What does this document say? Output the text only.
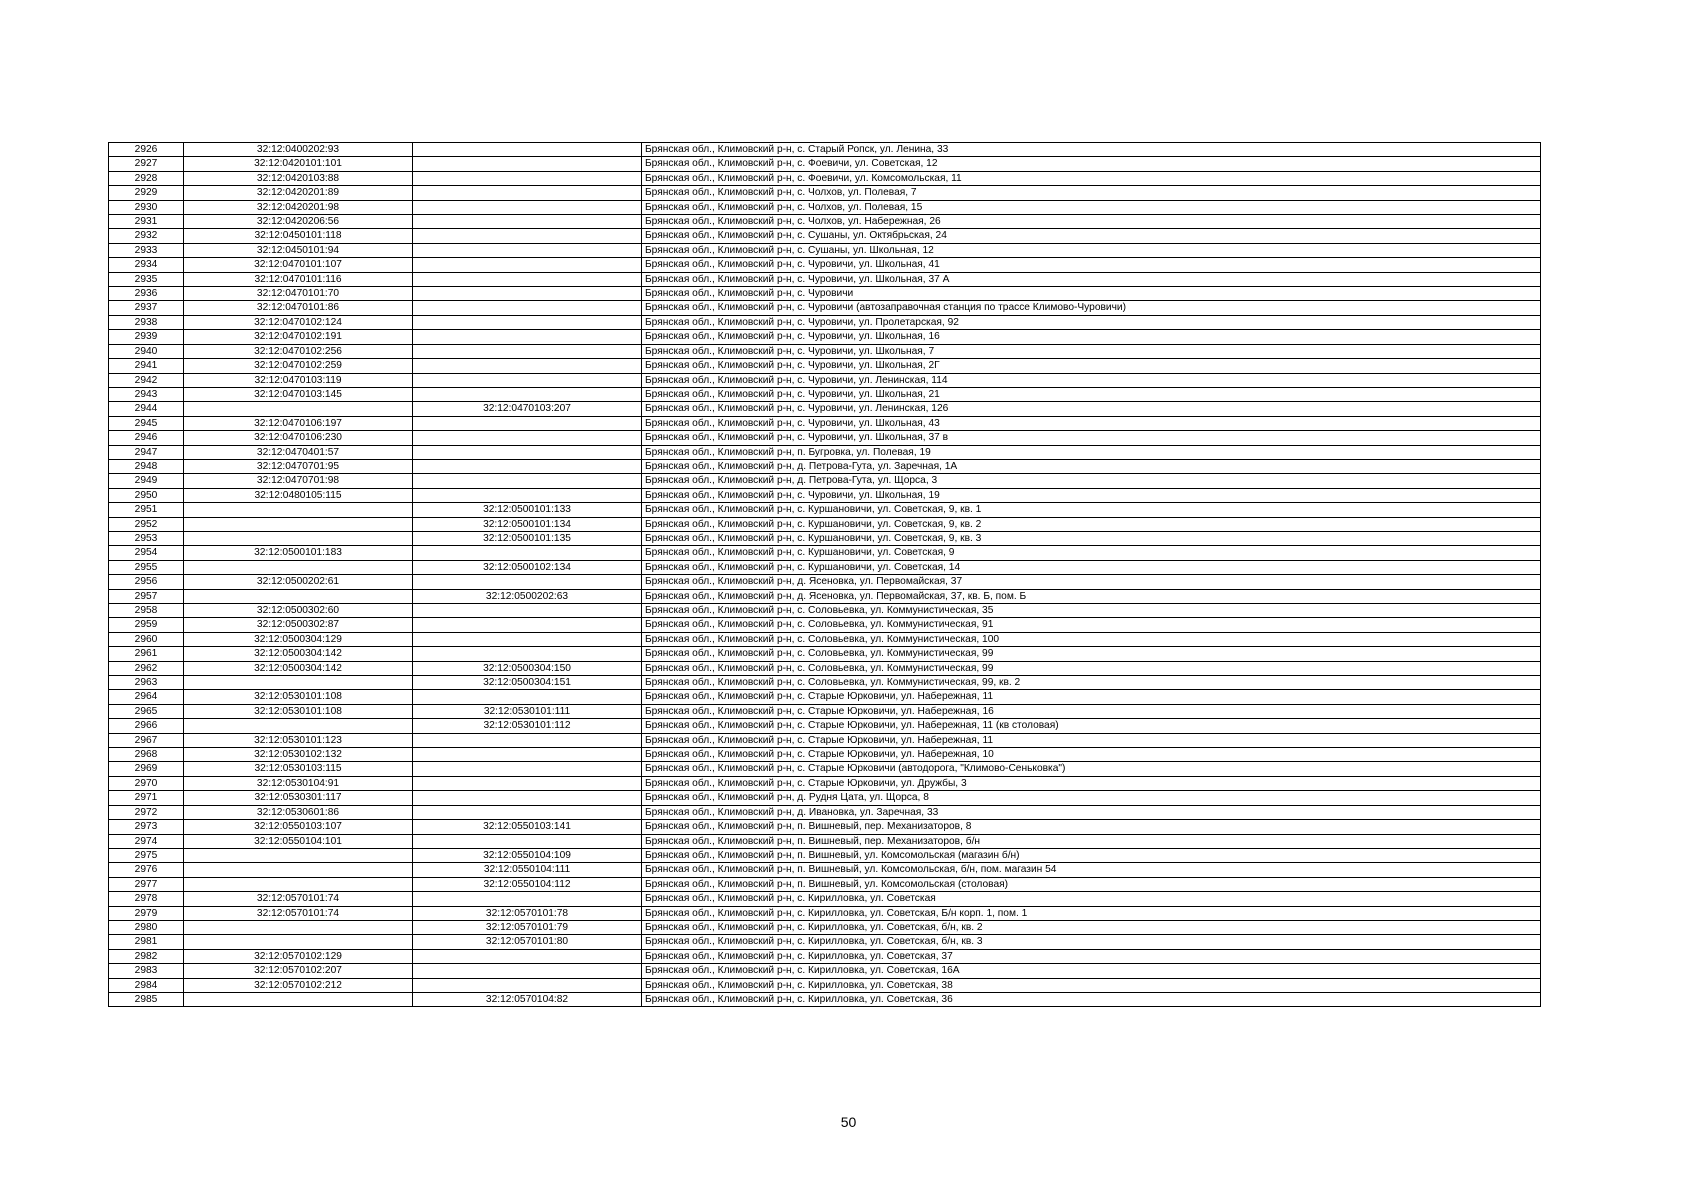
2926	32:12:0400202:93		Брянская обл., Климовский р-н, с. Старый Ропск, ул. Ленина, 33
2927	32:12:0420101:101		Брянская обл., Климовский р-н, с. Фоевичи, ул. Советская, 12
2928	32:12:0420103:88		Брянская обл., Климовский р-н, с. Фоевичи, ул. Комсомольская, 11
2929	32:12:0420201:89		Брянская обл., Климовский р-н, с. Чолхов, ул. Полевая, 7
2930	32:12:0420201:98		Брянская обл., Климовский р-н, с. Чолхов, ул. Полевая, 15
2931	32:12:0420206:56		Брянская обл., Климовский р-н, с. Чолхов, ул. Набережная, 26
2932	32:12:0450101:118		Брянская обл., Климовский р-н, с. Сушаны, ул. Октябрьская, 24
2933	32:12:0450101:94		Брянская обл., Климовский р-н, с. Сушаны, ул. Школьная, 12
2934	32:12:0470101:107		Брянская обл., Климовский р-н, с. Чуровичи, ул. Школьная, 41
2935	32:12:0470101:116		Брянская обл., Климовский р-н, с. Чуровичи, ул. Школьная, 37 А
2936	32:12:0470101:70		Брянская обл., Климовский р-н, с. Чуровичи
2937	32:12:0470101:86		Брянская обл., Климовский р-н, с. Чуровичи (автозаправочная станция по трассе Климово-Чуровичи)
2938	32:12:0470102:124		Брянская обл., Климовский р-н, с. Чуровичи, ул. Пролетарская, 92
2939	32:12:0470102:191		Брянская обл., Климовский р-н, с. Чуровичи, ул. Школьная, 16
2940	32:12:0470102:256		Брянская обл., Климовский р-н, с. Чуровичи, ул. Школьная, 7
2941	32:12:0470102:259		Брянская обл., Климовский р-н, с. Чуровичи, ул. Школьная, 2Г
2942	32:12:0470103:119		Брянская обл., Климовский р-н, с. Чуровичи, ул. Ленинская, 114
2943	32:12:0470103:145		Брянская обл., Климовский р-н, с. Чуровичи, ул. Школьная, 21
2944		32:12:0470103:207	Брянская обл., Климовский р-н, с. Чуровичи, ул. Ленинская, 126
2945	32:12:0470106:197		Брянская обл., Климовский р-н, с. Чуровичи, ул. Школьная, 43
2946	32:12:0470106:230		Брянская обл., Климовский р-н, с. Чуровичи, ул. Школьная, 37 в
2947	32:12:0470401:57		Брянская обл., Климовский р-н, п. Бугровка, ул. Полевая, 19
2948	32:12:0470701:95		Брянская обл., Климовский р-н, д. Петрова-Гута, ул. Заречная, 1А
2949	32:12:0470701:98		Брянская обл., Климовский р-н, д. Петрова-Гута, ул. Щорса, 3
2950	32:12:0480105:115		Брянская обл., Климовский р-н, с. Чуровичи, ул. Школьная, 19
2951		32:12:0500101:133	Брянская обл., Климовский р-н, с. Куршановичи, ул. Советская, 9, кв. 1
2952		32:12:0500101:134	Брянская обл., Климовский р-н, с. Куршановичи, ул. Советская, 9, кв. 2
2953		32:12:0500101:135	Брянская обл., Климовский р-н, с. Куршановичи, ул. Советская, 9, кв. 3
2954	32:12:0500101:183		Брянская обл., Климовский р-н, с. Куршановичи, ул. Советская, 9
2955		32:12:0500102:134	Брянская обл., Климовский р-н, с. Куршановичи, ул. Советская, 14
2956	32:12:0500202:61		Брянская обл., Климовский р-н, д. Ясеновка, ул. Первомайская, 37
2957		32:12:0500202:63	Брянская обл., Климовский р-н, д. Ясеновка, ул. Первомайская, 37, кв. Б, пом. Б
2958	32:12:0500302:60		Брянская обл., Климовский р-н, с. Соловьевка, ул. Коммунистическая, 35
2959	32:12:0500302:87		Брянская обл., Климовский р-н, с. Соловьевка, ул. Коммунистическая, 91
2960	32:12:0500304:129		Брянская обл., Климовский р-н, с. Соловьевка, ул. Коммунистическая, 100
2961	32:12:0500304:142		Брянская обл., Климовский р-н, с. Соловьевка, ул. Коммунистическая, 99
2962	32:12:0500304:142	32:12:0500304:150	Брянская обл., Климовский р-н, с. Соловьевка, ул. Коммунистическая, 99
2963		32:12:0500304:151	Брянская обл., Климовский р-н, с. Соловьевка, ул. Коммунистическая, 99, кв. 2
2964	32:12:0530101:108		Брянская обл., Климовский р-н, с. Старые Юрковичи, ул. Набережная, 11
2965	32:12:0530101:108	32:12:0530101:111	Брянская обл., Климовский р-н, с. Старые Юрковичи, ул. Набережная, 16
2966		32:12:0530101:112	Брянская обл., Климовский р-н, с. Старые Юрковичи, ул. Набережная, 11 (кв столовая)
2967	32:12:0530101:123		Брянская обл., Климовский р-н, с. Старые Юрковичи, ул. Набережная, 11
2968	32:12:0530102:132		Брянская обл., Климовский р-н, с. Старые Юрковичи, ул. Набережная, 10
2969	32:12:0530103:115		Брянская обл., Климовский р-н, с. Старые Юрковичи (автодорога, "Климово-Сеньковка")
2970	32:12:0530104:91		Брянская обл., Климовский р-н, с. Старые Юрковичи, ул. Дружбы, 3
2971	32:12:0530301:117		Брянская обл., Климовский р-н, д. Рудня Цата, ул. Щорса, 8
2972	32:12:0530601:86		Брянская обл., Климовский р-н, д. Ивановка, ул. Заречная, 33
2973	32:12:0550103:107	32:12:0550103:141	Брянская обл., Климовский р-н, п. Вишневый, пер. Механизаторов, 8
2974	32:12:0550104:101		Брянская обл., Климовский р-н, п. Вишневый, пер. Механизаторов, б/н
2975		32:12:0550104:109	Брянская обл., Климовский р-н, п. Вишневый, ул. Комсомольская (магазин б/н)
2976		32:12:0550104:111	Брянская обл., Климовский р-н, п. Вишневый, ул. Комсомольская, б/н, пом. магазин 54
2977		32:12:0550104:112	Брянская обл., Климовский р-н, п. Вишневый, ул. Комсомольская (столовая)
2978	32:12:0570101:74		Брянская обл., Климовский р-н, с. Кирилловка, ул. Советская
2979	32:12:0570101:74	32:12:0570101:78	Брянская обл., Климовский р-н, с. Кирилловка, ул. Советская, Б/н корп. 1, пом. 1
2980		32:12:0570101:79	Брянская обл., Климовский р-н, с. Кирилловка, ул. Советская, б/н, кв. 2
2981		32:12:0570101:80	Брянская обл., Климовский р-н, с. Кирилловка, ул. Советская, б/н, кв. 3
2982	32:12:0570102:129		Брянская обл., Климовский р-н, с. Кирилловка, ул. Советская, 37
2983	32:12:0570102:207		Брянская обл., Климовский р-н, с. Кирилловка, ул. Советская, 16А
2984	32:12:0570102:212		Брянская обл., Климовский р-н, с. Кирилловка, ул. Советская, 38
2985		32:12:0570104:82	Брянская обл., Климовский р-н, с. Кирилловка, ул. Советская, 36
50
